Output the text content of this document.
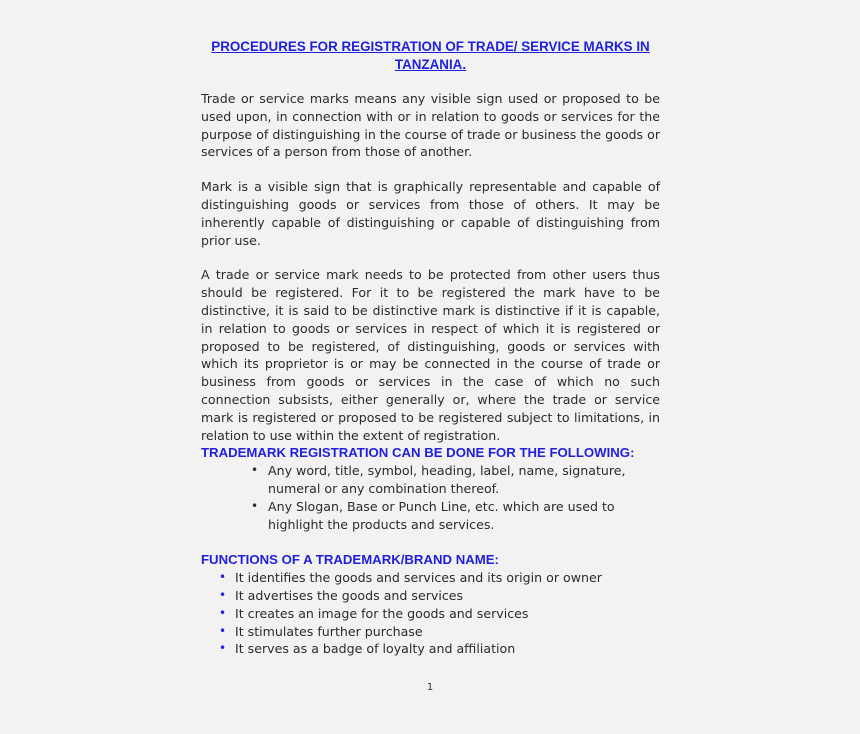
PROCEDURES FOR REGISTRATION OF TRADE/ SERVICE MARKS IN TANZANIA.

Trade or service marks means any visible sign used or proposed to be used upon, in connection with or in relation to goods or services for the purpose of distinguishing in the course of trade or business the goods or services of a person from those of another.

Mark is a visible sign that is graphically representable and capable of distinguishing goods or services from those of others. It may be inherently capable of distinguishing or capable of distinguishing from prior use.

A trade or service mark needs to be protected from other users thus should be registered. For it to be registered the mark have to be distinctive, it is said to be distinctive mark is distinctive if it is capable, in relation to goods or services in respect of which it is registered or proposed to be registered, of distinguishing, goods or services with which its proprietor is or may be connected in the course of trade or business from goods or services in the case of which no such connection subsists, either generally or, where the trade or service mark is registered or proposed to be registered subject to limitations, in relation to use within the extent of registration.

TRADEMARK REGISTRATION CAN BE DONE FOR THE FOLLOWING:
• Any word, title, symbol, heading, label, name, signature, numeral or any combination thereof.
• Any Slogan, Base or Punch Line, etc. which are used to highlight the products and services.
FUNCTIONS OF A TRADEMARK/BRAND NAME:
• It identifies the goods and services and its origin or owner
• It advertises the goods and services
• It creates an image for the goods and services
• It stimulates further purchase
• It serves as a badge of loyalty and affiliation
1
